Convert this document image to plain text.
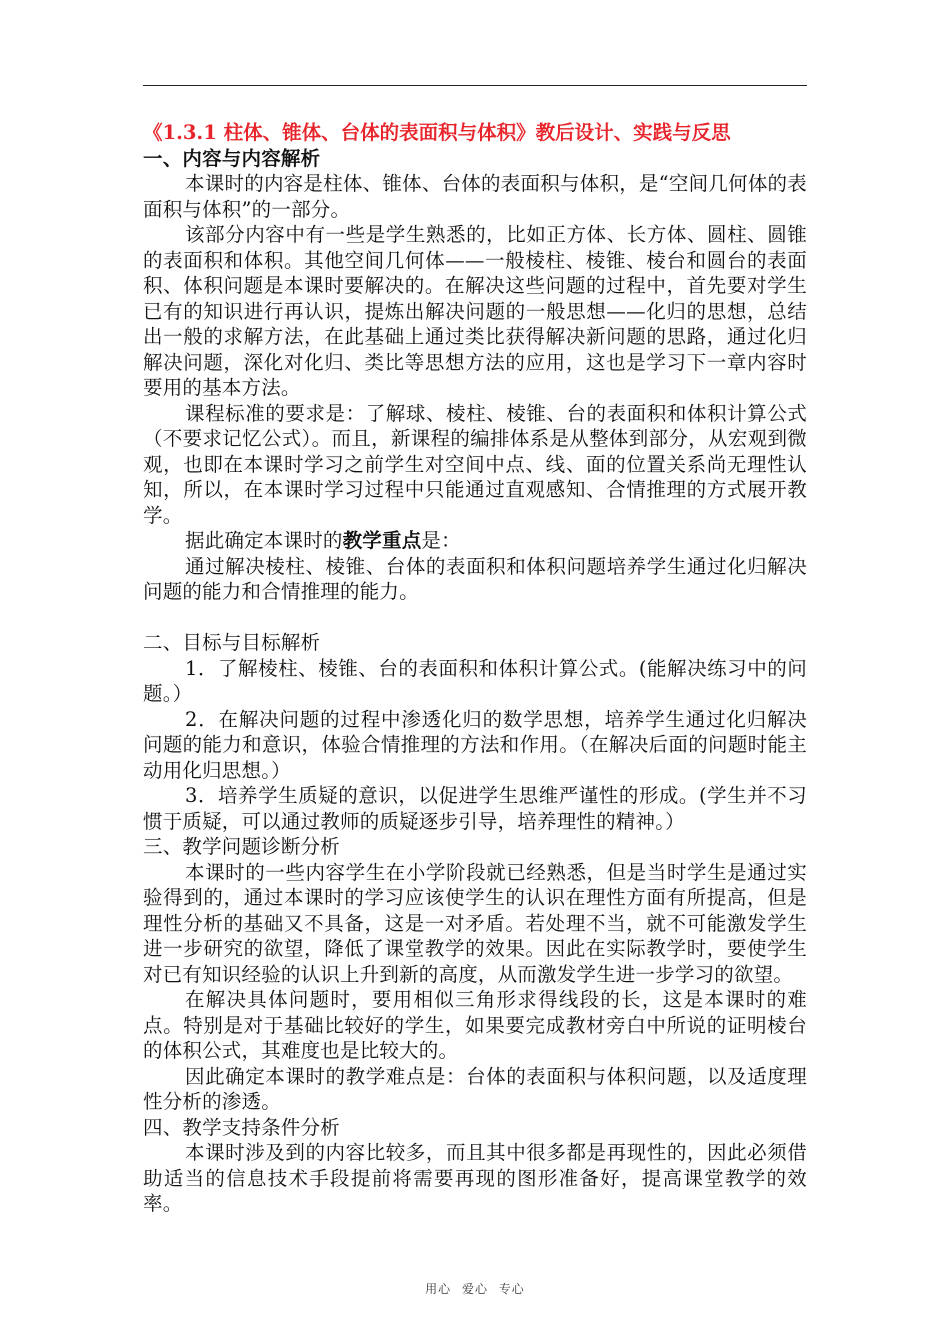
《1.3.1 柱体、锥体、台体的表面积与体积》教后设计、实践与反思

一、内容与内容解析

本课时的内容是柱体、锥体、台体的表面积与体积，是“空间几何体的表面积与体积”的一部分。

该部分内容中有一些是学生熟悉的，比如正方体、长方体、圆柱、圆锥的表面积和体积。其他空间几何体——一般棱柱、棱锥、棱台和圆台的表面积、体积问题是本课时要解决的。在解决这些问题的过程中，首先要对学生已有的知识进行再认识，提炼出解决问题的一般思想——化归的思想，总结出一般的求解方法，在此基础上通过类比获得解决新问题的思路，通过化归解决问题，深化对化归、类比等思想方法的应用，这也是学习下一章内容时要用的基本方法。

课程标准的要求是：了解球、棱柱、棱锥、台的表面积和体积计算公式（不要求记忆公式）。而且，新课程的编排体系是从整体到部分，从宏观到微观，也即在本课时学习之前学生对空间中点、线、面的位置关系尚无理性认知，所以，在本课时学习过程中只能通过直观感知、合情推理的方式展开教学。

据此确定本课时的教学重点是：

通过解决棱柱、棱锥、台体的表面积和体积问题培养学生通过化归解决问题的能力和合情推理的能力。

二、目标与目标解析

1．了解棱柱、棱锥、台的表面积和体积计算公式。(能解决练习中的问题。）

2．在解决问题的过程中渗透化归的数学思想，培养学生通过化归解决问题的能力和意识，体验合情推理的方法和作用。（在解决后面的问题时能主动用化归思想。）

3．培养学生质疑的意识，以促进学生思维严谨性的形成。(学生并不习惯于质疑，可以通过教师的质疑逐步引导，培养理性的精神。）

三、教学问题诊断分析

本课时的一些内容学生在小学阶段就已经熟悉，但是当时学生是通过实验得到的，通过本课时的学习应该使学生的认识在理性方面有所提高，但是理性分析的基础又不具备，这是一对矛盾。若处理不当，就不可能激发学生进一步研究的欲望，降低了课堂教学的效果。因此在实际教学时，要使学生对已有知识经验的认识上升到新的高度，从而激发学生进一步学习的欲望。

在解决具体问题时，要用相似三角形求得线段的长，这是本课时的难点。特别是对于基础比较好的学生，如果要完成教材旁白中所说的证明棱台的体积公式，其难度也是比较大的。

因此确定本课时的教学难点是：台体的表面积与体积问题，以及适度理性分析的渗透。

四、教学支持条件分析

本课时涉及到的内容比较多，而且其中很多都是再现性的，因此必须借助适当的信息技术手段提前将需要再现的图形准备好，提高课堂教学的效率。

用心 爱心 专心
